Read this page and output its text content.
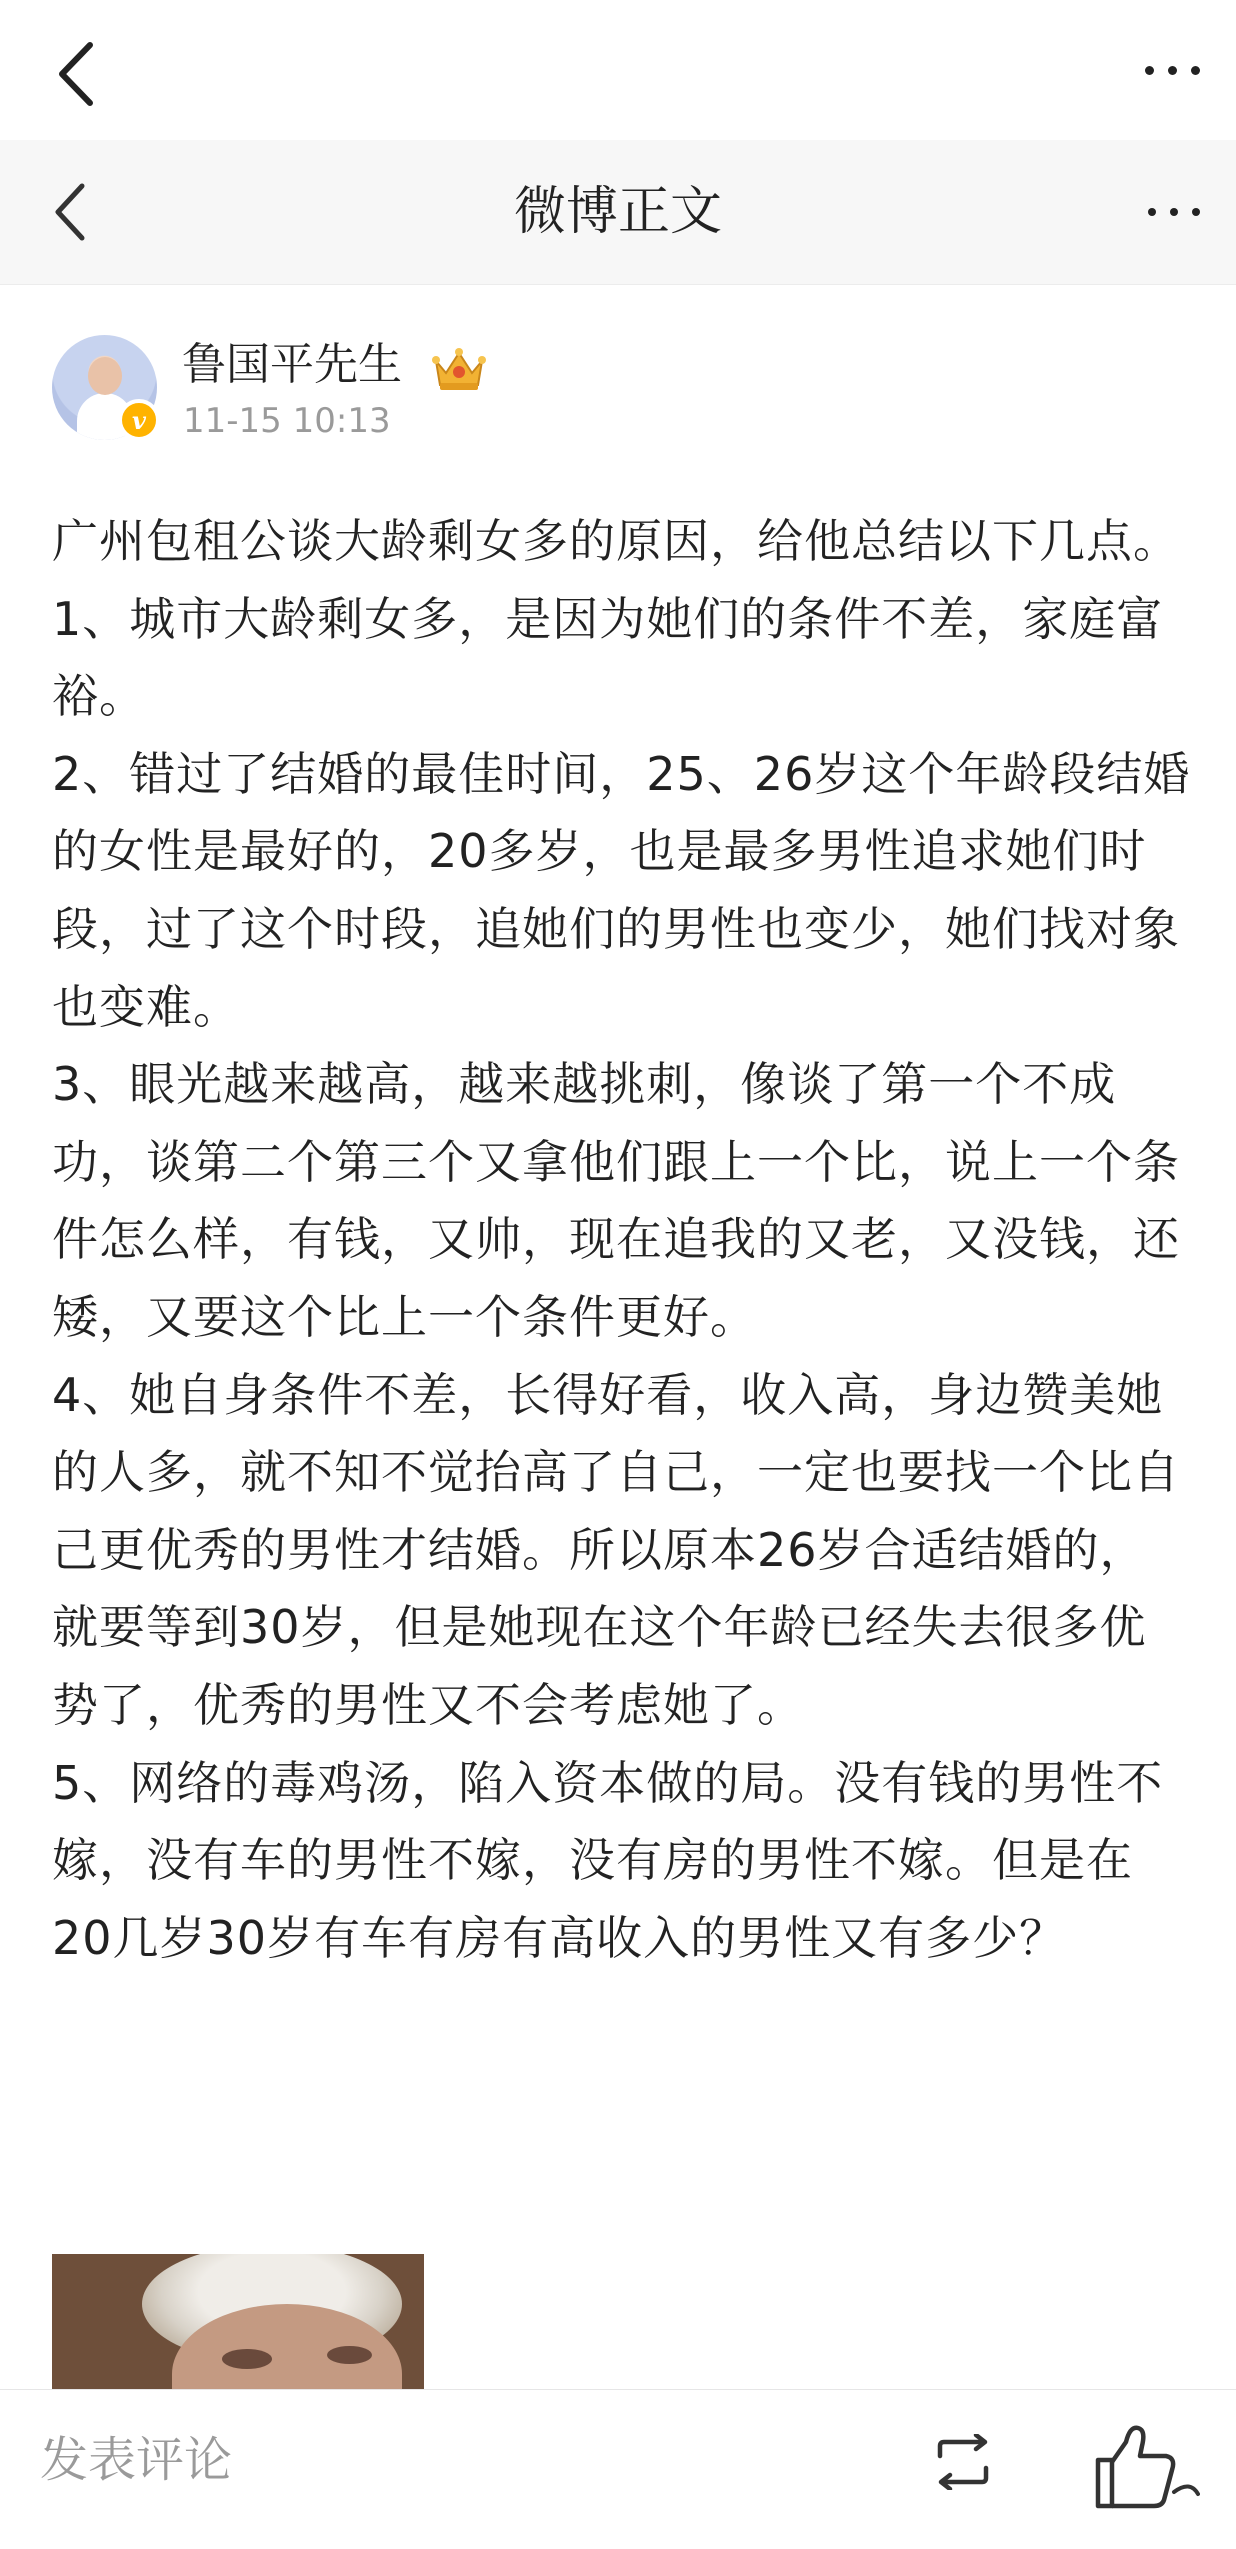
微博正文
v
鲁国平先生
11-15 10:13

广州包租公谈大龄剩女多的原因，给他总结以下几点。

1、城市大龄剩女多，是因为她们的条件不差，家庭富裕。

2、错过了结婚的最佳时间，25、26岁这个年龄段结婚的女性是最好的，20多岁，也是最多男性追求她们时段，过了这个时段，追她们的男性也变少，她们找对象也变难。

3、眼光越来越高，越来越挑刺，像谈了第一个不成功，谈第二个第三个又拿他们跟上一个比，说上一个条件怎么样，有钱，又帅，现在追我的又老，又没钱，还矮，又要这个比上一个条件更好。

4、她自身条件不差，长得好看，收入高，身边赞美她的人多，就不知不觉抬高了自己，一定也要找一个比自己更优秀的男性才结婚。所以原本26岁合适结婚的，就要等到30岁，但是她现在这个年龄已经失去很多优势了，优秀的男性又不会考虑她了。

5、网络的毒鸡汤，陷入资本做的局。没有钱的男性不嫁，没有车的男性不嫁，没有房的男性不嫁。但是在20几岁30岁有车有房有高收入的男性又有多少？

发表评论
